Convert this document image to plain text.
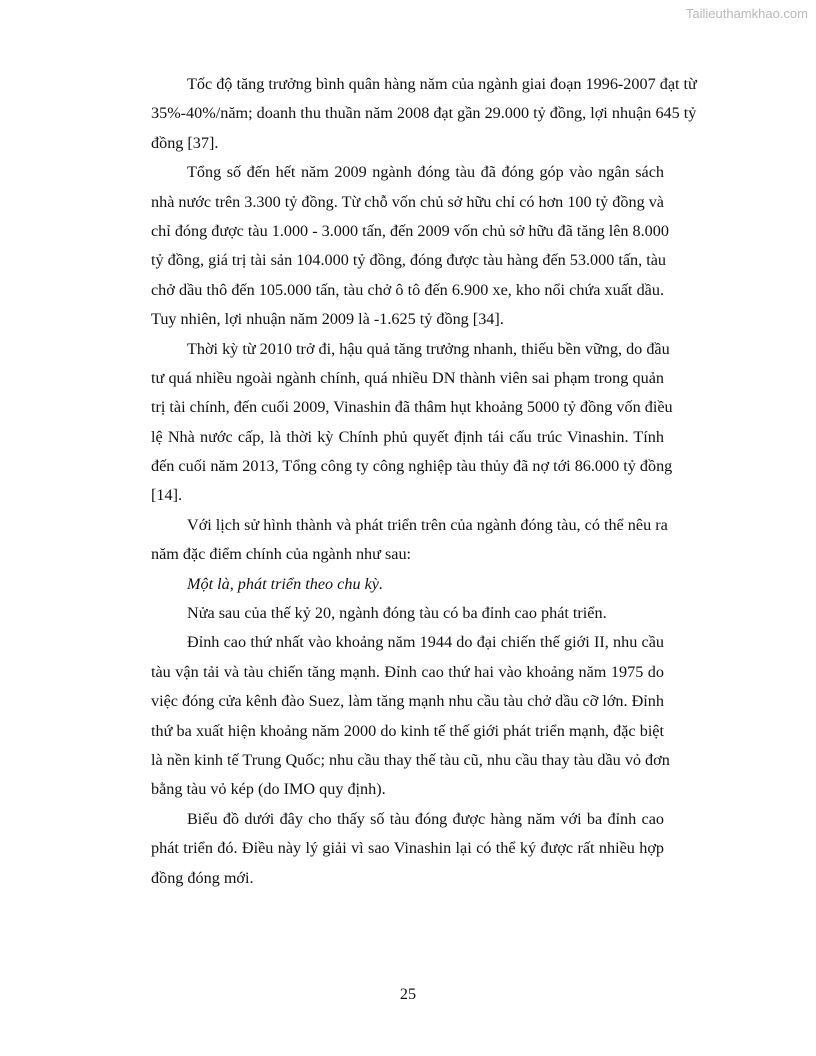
Tailieuthamkhao.com
Tốc độ tăng trưởng bình quân hàng năm của ngành giai đoạn 1996-2007 đạt từ
35%-40%/năm; doanh thu thuần năm 2008 đạt gần 29.000 tỷ đồng, lợi nhuận 645 tỷ
đồng [37].
Tổng số đến hết năm 2009 ngành đóng tàu đã đóng góp vào ngân sách
nhà nước trên 3.300 tỷ đồng. Từ chỗ vốn chủ sở hữu chỉ có hơn 100 tỷ đồng và
chỉ đóng được tàu 1.000 - 3.000 tấn, đến 2009 vốn chủ sở hữu đã tăng lên 8.000
tỷ đồng, giá trị tài sản 104.000 tỷ đồng, đóng được tàu hàng đến 53.000 tấn, tàu
chở dầu thô đến 105.000 tấn, tàu chở ô tô đến 6.900 xe, kho nổi chứa xuất dầu.
Tuy nhiên, lợi nhuận năm 2009 là -1.625 tỷ đồng [34].
Thời kỳ từ 2010 trở đi, hậu quả tăng trưởng nhanh, thiếu bền vững, do đầu
tư quá nhiều ngoài ngành chính, quá nhiều DN thành viên sai phạm trong quản
trị tài chính, đến cuối 2009, Vinashin đã thâm hụt khoảng 5000 tỷ đồng vốn điều
lệ Nhà nước cấp, là thời kỳ Chính phủ quyết định tái cấu trúc Vinashin. Tính
đến cuối năm 2013, Tổng công ty công nghiệp tàu thủy đã nợ tới 86.000 tỷ đồng
[14].
Với lịch sử hình thành và phát triển trên của ngành đóng tàu, có thể nêu ra
năm đặc điểm chính của ngành như sau:
Một là, phát triển theo chu kỳ.
Nửa sau của thế kỷ 20, ngành đóng tàu có ba đỉnh cao phát triển.
Đỉnh cao thứ nhất vào khoảng năm 1944 do đại chiến thế giới II, nhu cầu
tàu vận tải và tàu chiến tăng mạnh. Đỉnh cao thứ hai vào khoảng năm 1975 do
việc đóng cửa kênh đào Suez, làm tăng mạnh nhu cầu tàu chở dầu cỡ lớn. Đỉnh
thứ ba xuất hiện khoảng năm 2000 do kinh tế thế giới phát triển mạnh, đặc biệt
là nền kinh tế Trung Quốc; nhu cầu thay thế tàu cũ, nhu cầu thay tàu dầu vỏ đơn
bằng tàu vỏ kép (do IMO quy định).
Biểu đồ dưới đây cho thấy số tàu đóng được hàng năm với ba đỉnh cao
phát triển đó. Điều này lý giải vì sao Vinashin lại có thể ký được rất nhiều hợp
đồng đóng mới.
25
